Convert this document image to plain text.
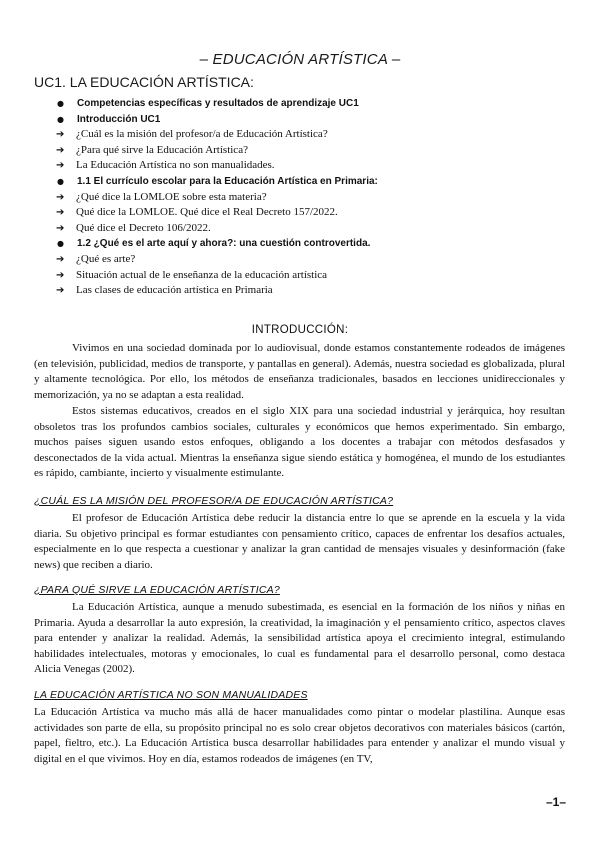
– EDUCACIÓN ARTÍSTICA –
UC1. LA EDUCACIÓN ARTÍSTICA:
●	Competencias específicas y resultados de aprendizaje UC1
●	Introducción UC1
➔	¿Cuál es la misión del profesor/a de Educación Artística?
➔	¿Para qué sirve la Educación Artística?
➔	La Educación Artística no son manualidades.
●	1.1 El currículo escolar para la Educación Artística en Primaria:
➔	¿Qué dice la LOMLOE sobre esta materia?
➔	Qué dice la LOMLOE. Qué dice el Real Decreto 157/2022.
➔	Qué dice el Decreto 106/2022.
●	1.2 ¿Qué es el arte aquí y ahora?: una cuestión controvertida.
➔	¿Qué es arte?
➔	Situación actual de le enseñanza de la educación artística
➔	Las clases de educación artística en Primaria
INTRODUCCIÓN:

Vivimos en una sociedad dominada por lo audiovisual, donde estamos constantemente rodeados de imágenes (en televisión, publicidad, medios de transporte, y pantallas en general). Además, nuestra sociedad es globalizada, plural y altamente tecnológica. Por ello, los métodos de enseñanza tradicionales, basados en lecciones unidireccionales y memorización, ya no se adaptan a esta realidad.

Estos sistemas educativos, creados en el siglo XIX para una sociedad industrial y jerárquica, hoy resultan obsoletos tras los profundos cambios sociales, culturales y económicos que hemos experimentado. Sin embargo, muchos países siguen usando estos enfoques, obligando a los docentes a trabajar con métodos desfasados y desconectados de la vida actual. Mientras la enseñanza sigue siendo estática y homogénea, el mundo de los estudiantes es rápido, cambiante, incierto y visualmente estimulante.

¿CUÁL ES LA MISIÓN DEL PROFESOR/A DE EDUCACIÓN ARTÍSTICA?

El profesor de Educación Artística debe reducir la distancia entre lo que se aprende en la escuela y la vida diaria. Su objetivo principal es formar estudiantes con pensamiento crítico, capaces de enfrentar los desafíos actuales, especialmente en lo que respecta a cuestionar y analizar la gran cantidad de mensajes visuales y desinformación (fake news) que reciben a diario.

¿PARA QUÉ SIRVE LA EDUCACIÓN ARTÍSTICA?

La Educación Artística, aunque a menudo subestimada, es esencial en la formación de los niños y niñas en Primaria. Ayuda a desarrollar la auto expresión, la creatividad, la imaginación y el pensamiento crítico, aspectos claves para entender y analizar la realidad. Además, la sensibilidad artística apoya el crecimiento integral, estimulando habilidades intelectuales, motoras y emocionales, lo cual es fundamental para el desarrollo personal, como destaca Alicia Venegas (2002).

LA EDUCACIÓN ARTÍSTICA NO SON MANUALIDADES

La Educación Artística va mucho más allá de hacer manualidades como pintar o modelar plastilina. Aunque esas actividades son parte de ella, su propósito principal no es solo crear objetos decorativos con materiales básicos (cartón, papel, fieltro, etc.). La Educación Artística busca desarrollar habilidades para entender y analizar el mundo visual y digital en el que vivimos. Hoy en día, estamos rodeados de imágenes (en TV,

–1–
